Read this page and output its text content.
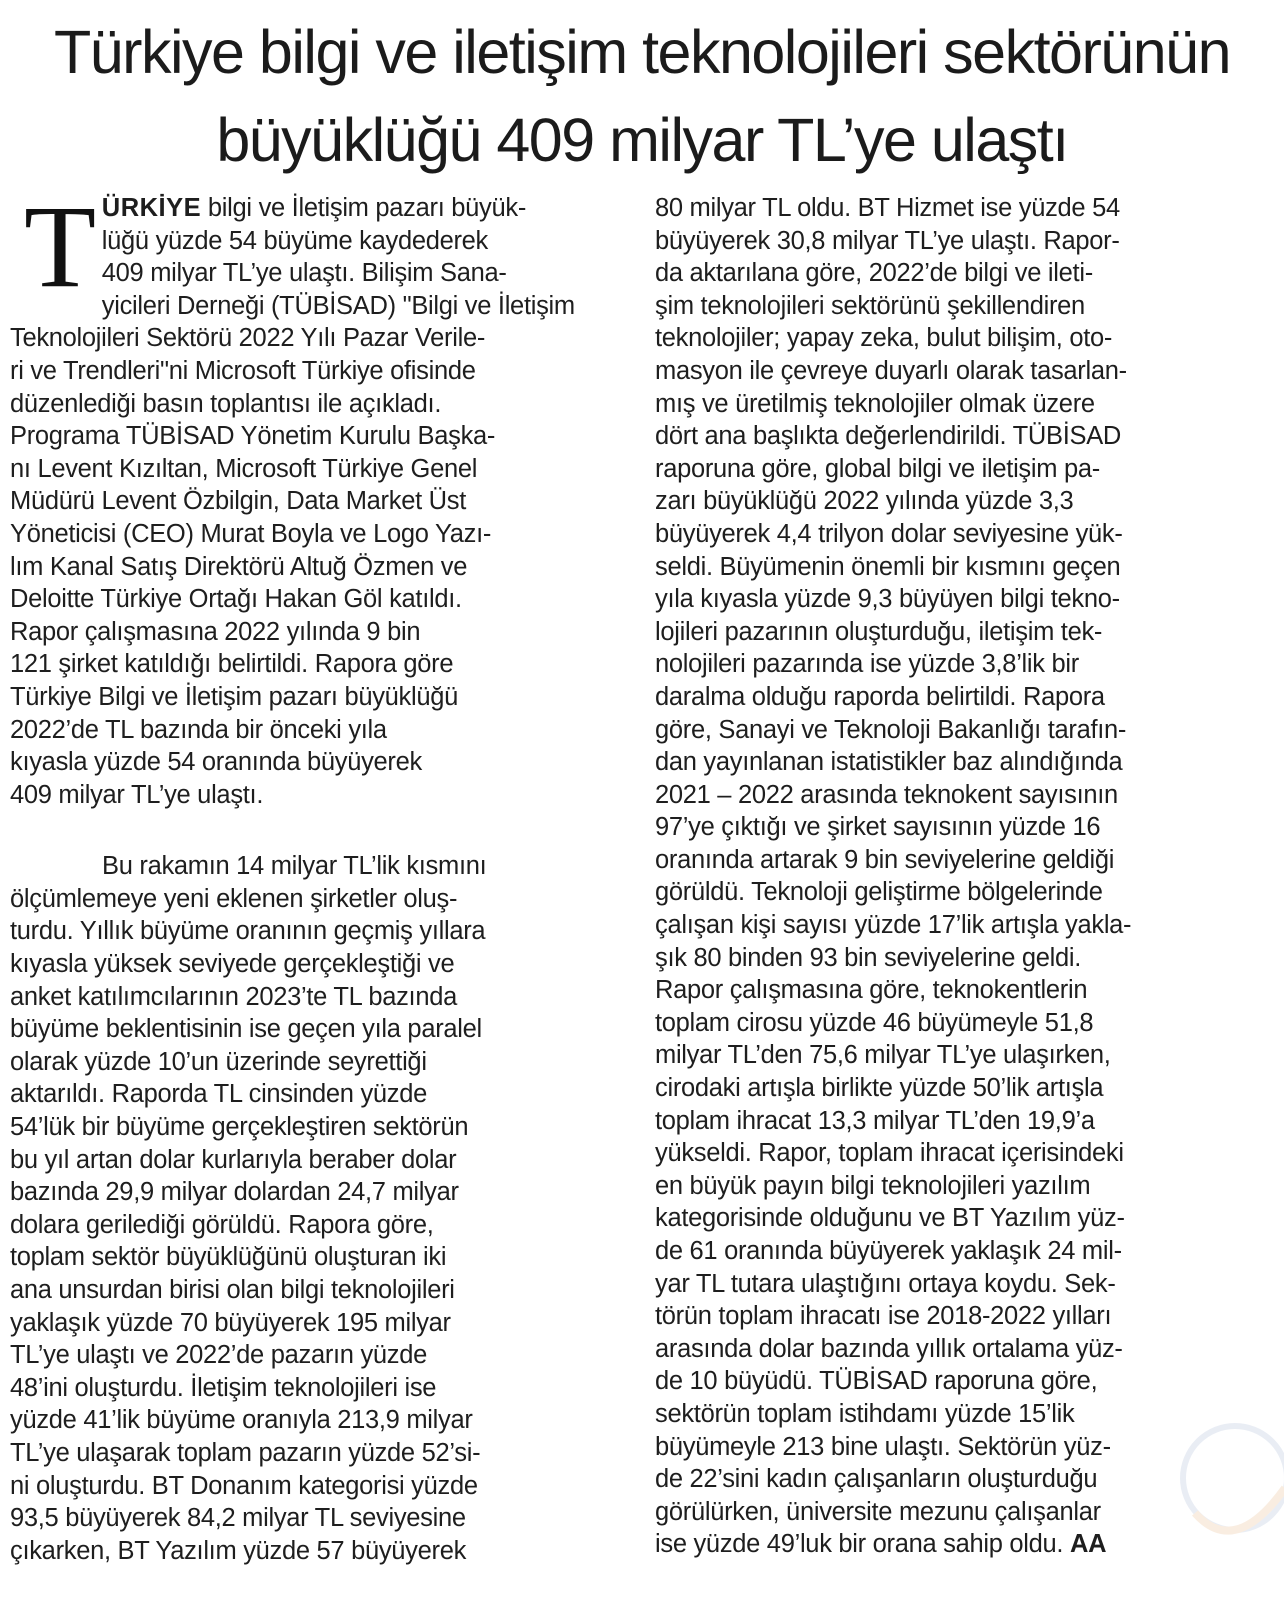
Türkiye bilgi ve iletişim teknolojileri sektörünün
büyüklüğü 409 milyar TL’ye ulaştı

TÜRKİYE bilgi ve İletişim pazarı büyük-
lüğü yüzde 54 büyüme kaydederek
409 milyar TL’ye ulaştı. Bilişim Sana-
yicileri Derneği (TÜBİSAD) "Bilgi ve İletişim
Teknolojileri Sektörü 2022 Yılı Pazar Verile-
ri ve Trendleri"ni Microsoft Türkiye ofisinde
düzenlediği basın toplantısı ile açıkladı.
Programa TÜBİSAD Yönetim Kurulu Başka-
nı Levent Kızıltan, Microsoft Türkiye Genel
Müdürü Levent Özbilgin, Data Market Üst
Yöneticisi (CEO) Murat Boyla ve Logo Yazı-
lım Kanal Satış Direktörü Altuğ Özmen ve
Deloitte Türkiye Ortağı Hakan Göl katıldı.
Rapor çalışmasına 2022 yılında 9 bin
121 şirket katıldığı belirtildi. Rapora göre
Türkiye Bilgi ve İletişim pazarı büyüklüğü
2022’de TL bazında bir önceki yıla
kıyasla yüzde 54 oranında büyüyerek
409 milyar TL’ye ulaştı.

Bu rakamın 14 milyar TL’lik kısmını
ölçümlemeye yeni eklenen şirketler oluş-
turdu. Yıllık büyüme oranının geçmiş yıllara
kıyasla yüksek seviyede gerçekleştiği ve
anket katılımcılarının 2023’te TL bazında
büyüme beklentisinin ise geçen yıla paralel
olarak yüzde 10’un üzerinde seyrettiği
aktarıldı. Raporda TL cinsinden yüzde
54’lük bir büyüme gerçekleştiren sektörün
bu yıl artan dolar kurlarıyla beraber dolar
bazında 29,9 milyar dolardan 24,7 milyar
dolara gerilediği görüldü. Rapora göre,
toplam sektör büyüklüğünü oluşturan iki
ana unsurdan birisi olan bilgi teknolojileri
yaklaşık yüzde 70 büyüyerek 195 milyar
TL’ye ulaştı ve 2022’de pazarın yüzde
48’ini oluşturdu. İletişim teknolojileri ise
yüzde 41’lik büyüme oranıyla 213,9 milyar
TL’ye ulaşarak toplam pazarın yüzde 52’si-
ni oluşturdu. BT Donanım kategorisi yüzde
93,5 büyüyerek 84,2 milyar TL seviyesine
çıkarken, BT Yazılım yüzde 57 büyüyerek

80 milyar TL oldu. BT Hizmet ise yüzde 54
büyüyerek 30,8 milyar TL’ye ulaştı. Rapor-
da aktarılana göre, 2022’de bilgi ve ileti-
şim teknolojileri sektörünü şekillendiren
teknolojiler; yapay zeka, bulut bilişim, oto-
masyon ile çevreye duyarlı olarak tasarlan-
mış ve üretilmiş teknolojiler olmak üzere
dört ana başlıkta değerlendirildi. TÜBİSAD
raporuna göre, global bilgi ve iletişim pa-
zarı büyüklüğü 2022 yılında yüzde 3,3
büyüyerek 4,4 trilyon dolar seviyesine yük-
seldi. Büyümenin önemli bir kısmını geçen
yıla kıyasla yüzde 9,3 büyüyen bilgi tekno-
lojileri pazarının oluşturduğu, iletişim tek-
nolojileri pazarında ise yüzde 3,8’lik bir
daralma olduğu raporda belirtildi. Rapora
göre, Sanayi ve Teknoloji Bakanlığı tarafın-
dan yayınlanan istatistikler baz alındığında
2021 – 2022 arasında teknokent sayısının
97’ye çıktığı ve şirket sayısının yüzde 16
oranında artarak 9 bin seviyelerine geldiği
görüldü. Teknoloji geliştirme bölgelerinde
çalışan kişi sayısı yüzde 17’lik artışla yakla-
şık 80 binden 93 bin seviyelerine geldi.
Rapor çalışmasına göre, teknokentlerin
toplam cirosu yüzde 46 büyümeyle 51,8
milyar TL’den 75,6 milyar TL’ye ulaşırken,
cirodaki artışla birlikte yüzde 50’lik artışla
toplam ihracat 13,3 milyar TL’den 19,9’a
yükseldi. Rapor, toplam ihracat içerisindeki
en büyük payın bilgi teknolojileri yazılım
kategorisinde olduğunu ve BT Yazılım yüz-
de 61 oranında büyüyerek yaklaşık 24 mil-
yar TL tutara ulaştığını ortaya koydu. Sek-
törün toplam ihracatı ise 2018-2022 yılları
arasında dolar bazında yıllık ortalama yüz-
de 10 büyüdü. TÜBİSAD raporuna göre,
sektörün toplam istihdamı yüzde 15’lik
büyümeyle 213 bine ulaştı. Sektörün yüz-
de 22’sini kadın çalışanların oluşturduğu
görülürken, üniversite mezunu çalışanlar
ise yüzde 49’luk bir orana sahip oldu. AA
